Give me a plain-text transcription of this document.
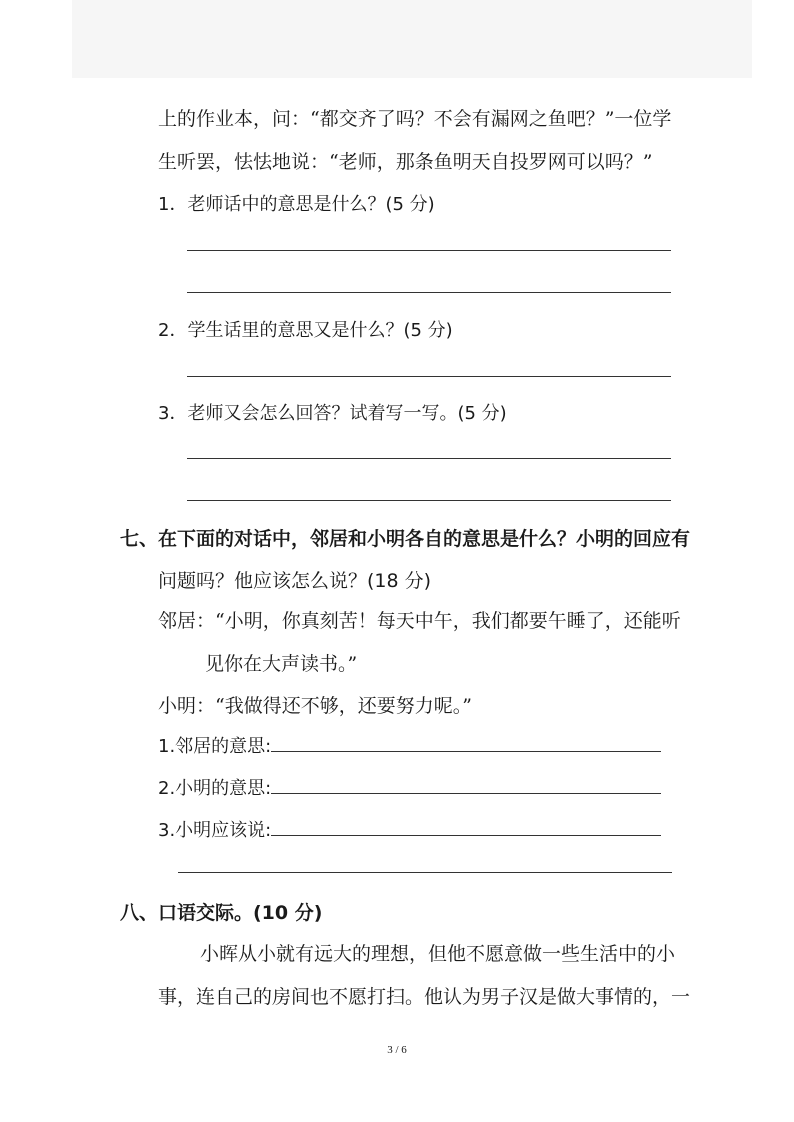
上的作业本，问：“都交齐了吗？不会有漏网之鱼吧？”一位学
生听罢，怯怯地说：“老师，那条鱼明天自投罗网可以吗？”
1．老师话中的意思是什么？(5 分)
2．学生话里的意思又是什么？(5 分)
3．老师又会怎么回答？试着写一写。(5 分)
七、在下面的对话中，邻居和小明各自的意思是什么？小明的回应有
问题吗？他应该怎么说？(18 分)
邻居：“小明，你真刻苦！每天中午，我们都要午睡了，还能听
见你在大声读书。”
小明：“我做得还不够，还要努力呢。”
1.邻居的意思:
2.小明的意思:
3.小明应该说:
八、口语交际。(10 分)
小晖从小就有远大的理想，但他不愿意做一些生活中的小
事，连自己的房间也不愿打扫。他认为男子汉是做大事情的，一
3 / 6
